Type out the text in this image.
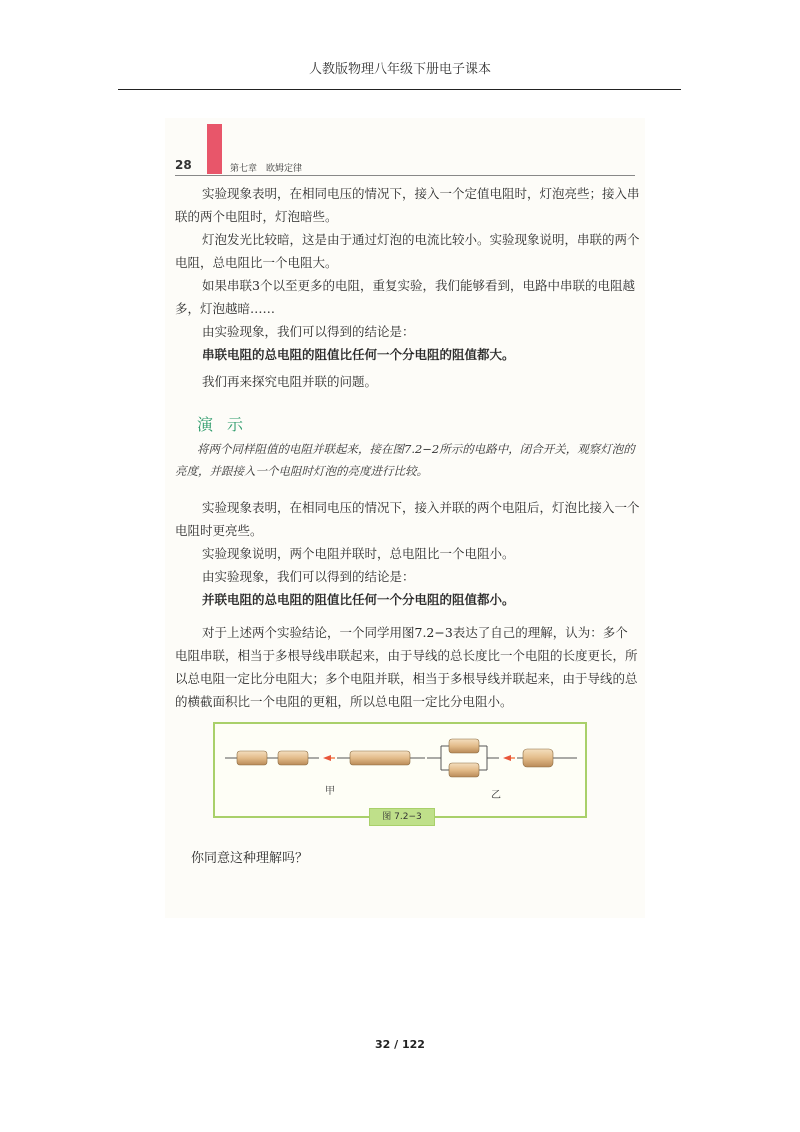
人教版物理八年级下册电子课本
28	第七章　欧姆定律

实验现象表明，在相同电压的情况下，接入一个定值电阻时，灯泡亮些；接入串联的两个电阻时，灯泡暗些。

灯泡发光比较暗，这是由于通过灯泡的电流比较小。实验现象说明，串联的两个电阻，总电阻比一个电阻大。

如果串联3个以至更多的电阻，重复实验，我们能够看到，电路中串联的电阻越多，灯泡越暗……

由实验现象，我们可以得到的结论是：

串联电阻的总电阻的阻值比任何一个分电阻的阻值都大。

我们再来探究电阻并联的问题。

演示

将两个同样阻值的电阻并联起来，接在图7.2−2所示的电路中，闭合开关，观察灯泡的亮度，并跟接入一个电阻时灯泡的亮度进行比较。

实验现象表明，在相同电压的情况下，接入并联的两个电阻后，灯泡比接入一个电阻时更亮些。

实验现象说明，两个电阻并联时，总电阻比一个电阻小。

由实验现象，我们可以得到的结论是：

并联电阻的总电阻的阻值比任何一个分电阻的阻值都小。

对于上述两个实验结论，一个同学用图7.2−3表达了自己的理解，认为：多个电阻串联，相当于多根导线串联起来，由于导线的总长度比一个电阻的长度更长，所以总电阻一定比分电阻大；多个电阻并联，相当于多根导线并联起来，由于导线的总的横截面积比一个电阻的更粗，所以总电阻一定比分电阻小。

甲	乙
图 7.2−3
你同意这种理解吗？
32 / 122
